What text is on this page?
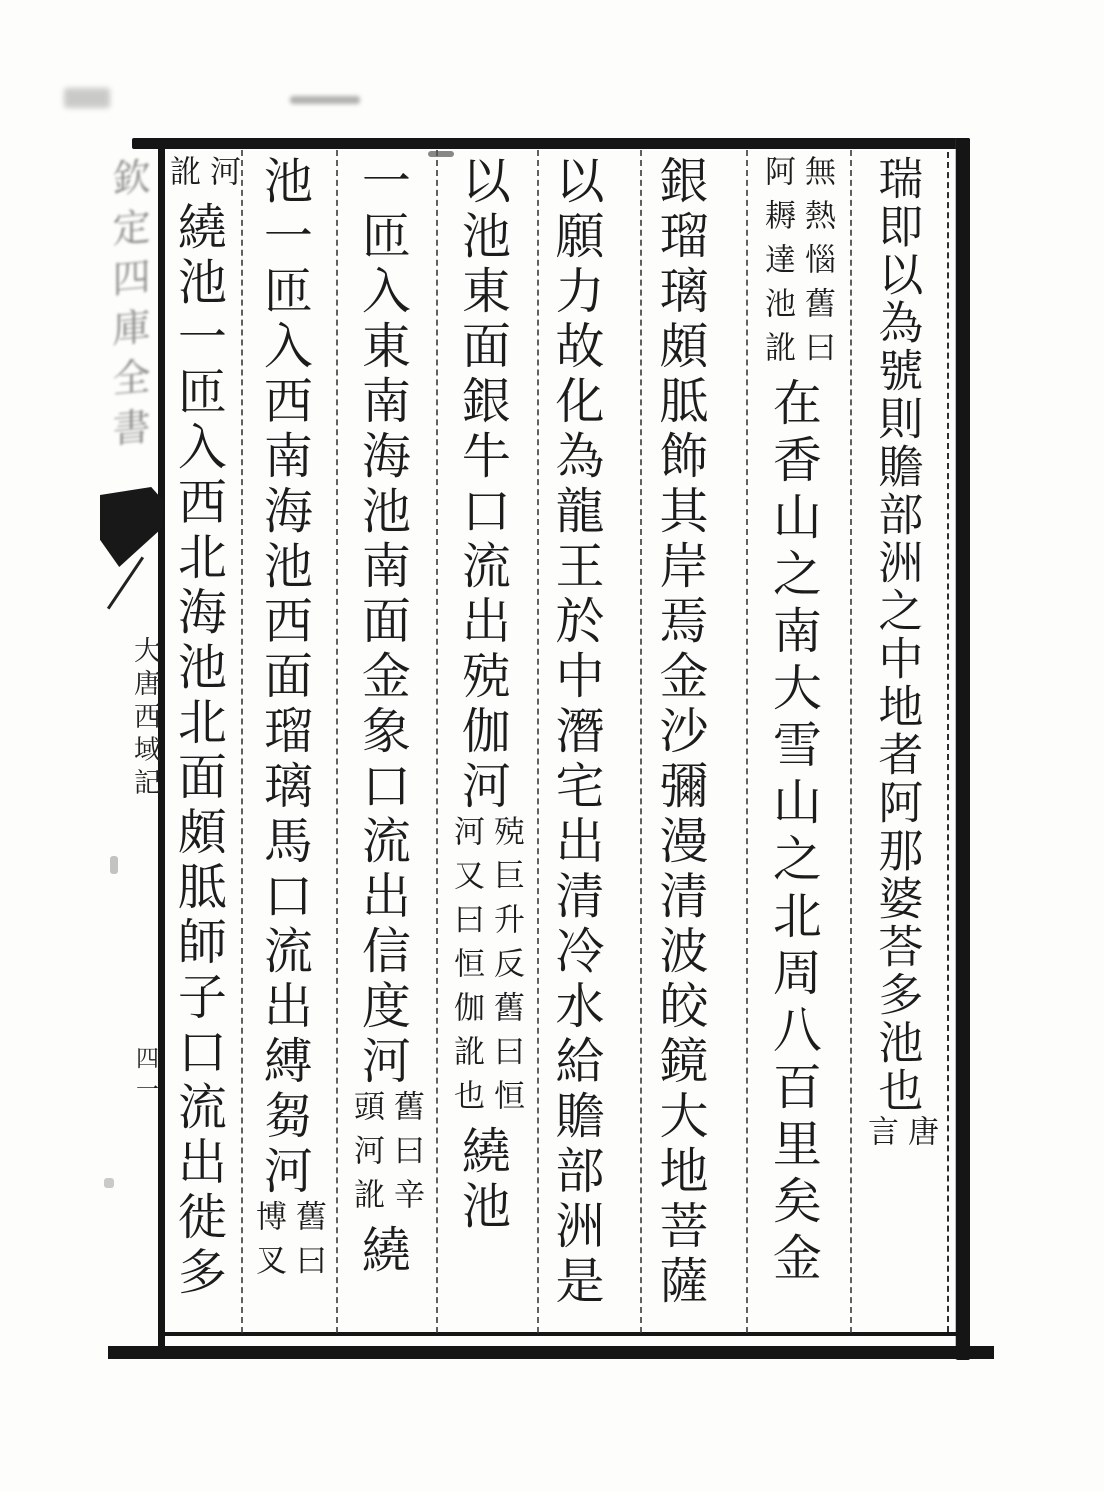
欽定四庫全書
大唐西域記
四一	瑞即以為號則贍部洲之中地者阿那婆荅多池也唐言
無熱惱舊曰阿耨達池訛在香山之南大雪山之北周八百里矣金
銀瑠璃頗胝飾其岸焉金沙彌漫清波皎鏡大地菩薩
以願力故化為龍王於中潛宅出清冷水給贍部洲是
以池東面銀牛口流出殑伽河殑巨升反舊曰恒河又曰恒伽訛也繞池
一匝入東南海池南面金象口流出信度河舊曰辛頭河訛繞
池一匝入西南海池西面瑠璃馬口流出縛芻河舊曰博叉
河訛繞池一匝入西北海池北面頗胝師子口流出徙多
